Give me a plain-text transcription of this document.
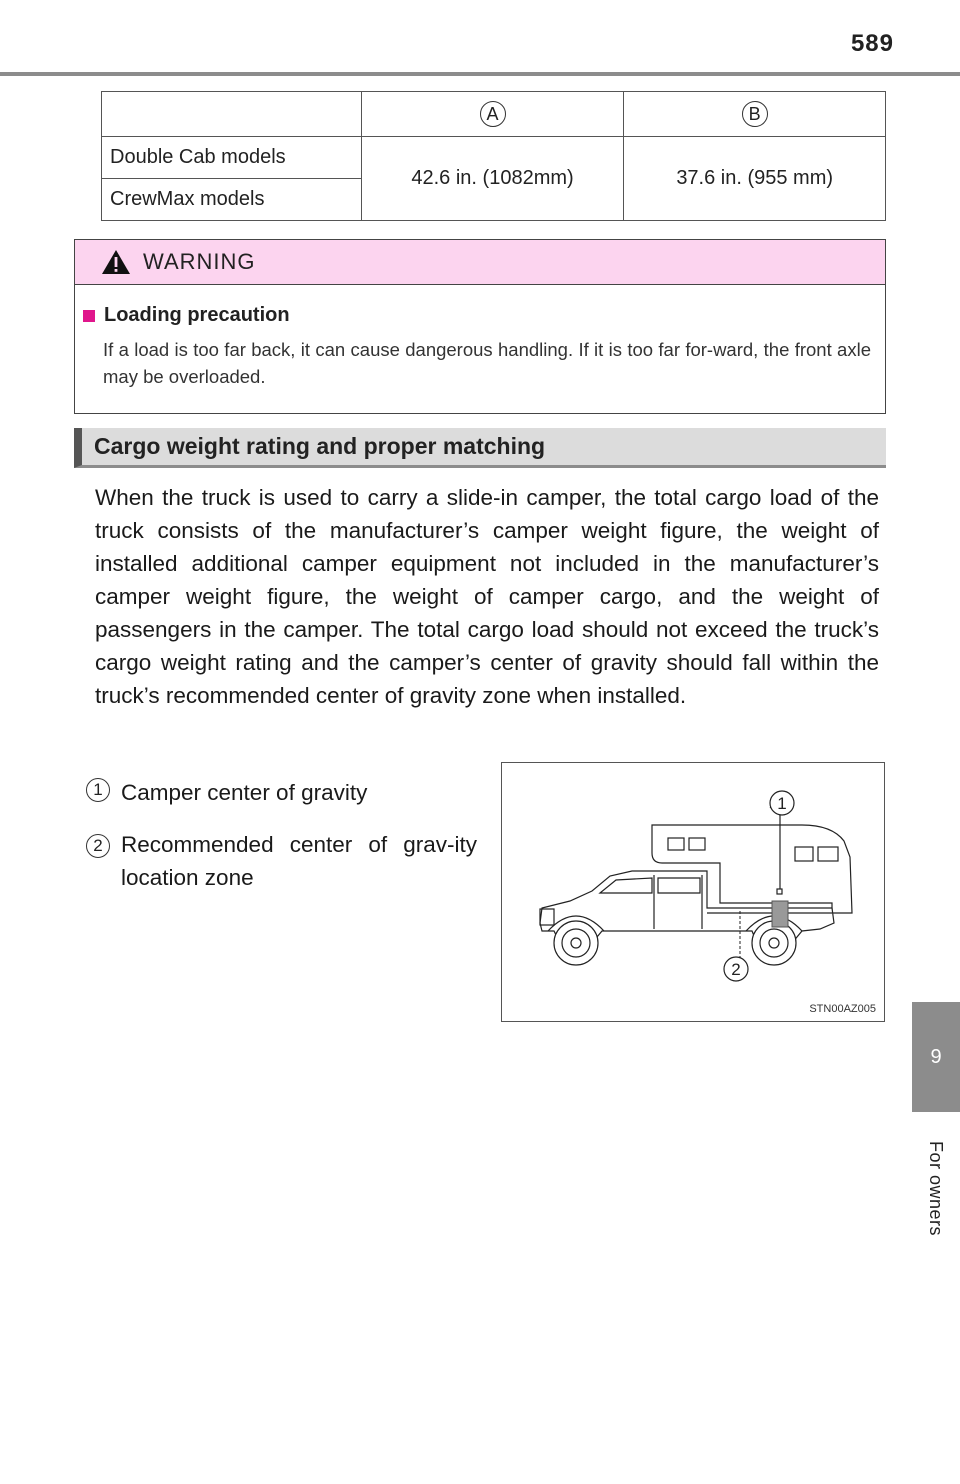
589
9
For owners
	A	B
Double Cab models	42.6 in. (1082mm)	37.6 in. (955 mm)
CrewMax models		
WARNING
Loading precaution
If a load is too far back, it can cause dangerous handling. If it is too far for-ward, the front axle may be overloaded.
Cargo weight rating and proper matching
When the truck is used to carry a slide-in camper, the total cargo load of the truck consists of the manufacturer’s camper weight figure, the weight of installed additional camper equipment not included in the manufacturer’s camper weight figure, the weight of camper cargo, and the weight of passengers in the camper. The total cargo load should not exceed the truck’s cargo weight rating and the camper’s center of gravity should fall within the truck’s recommended center of gravity zone when installed.
1 Camper center of gravity
2 Recommended center of grav-ity location zone
1
2
STN00AZ005
